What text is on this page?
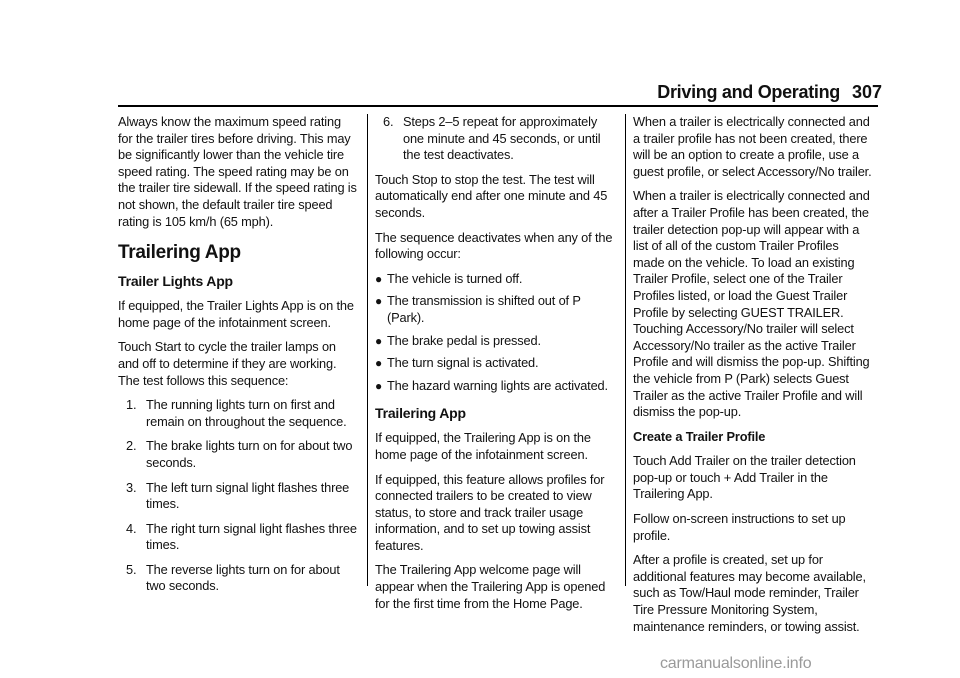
Driving and Operating 307

Always know the maximum speed rating for the trailer tires before driving. This may be significantly lower than the vehicle tire speed rating. The speed rating may be on the trailer tire sidewall. If the speed rating is not shown, the default trailer tire speed rating is 105 km/h (65 mph).

Trailering App
Trailer Lights App

If equipped, the Trailer Lights App is on the home page of the infotainment screen.

Touch Start to cycle the trailer lamps on and off to determine if they are working. The test follows this sequence:

1. The running lights turn on first and remain on throughout the sequence.
2. The brake lights turn on for about two seconds.
3. The left turn signal light flashes three times.
4. The right turn signal light flashes three times.
5. The reverse lights turn on for about two seconds.
6. Steps 2–5 repeat for approximately one minute and 45 seconds, or until the test deactivates.

Touch Stop to stop the test. The test will automatically end after one minute and 45 seconds.

The sequence deactivates when any of the following occur:

● The vehicle is turned off.
● The transmission is shifted out of P (Park).
● The brake pedal is pressed.
● The turn signal is activated.
● The hazard warning lights are activated.
Trailering App

If equipped, the Trailering App is on the home page of the infotainment screen.

If equipped, this feature allows profiles for connected trailers to be created to view status, to store and track trailer usage information, and to set up towing assist features.

The Trailering App welcome page will appear when the Trailering App is opened for the first time from the Home Page.

When a trailer is electrically connected and a trailer profile has not been created, there will be an option to create a profile, use a guest profile, or select Accessory/No trailer.

When a trailer is electrically connected and after a Trailer Profile has been created, the trailer detection pop-up will appear with a list of all of the custom Trailer Profiles made on the vehicle. To load an existing Trailer Profile, select one of the Trailer Profiles listed, or load the Guest Trailer Profile by selecting GUEST TRAILER. Touching Accessory/No trailer will select Accessory/No trailer as the active Trailer Profile and will dismiss the pop-up. Shifting the vehicle from P (Park) selects Guest Trailer as the active Trailer Profile and will dismiss the pop-up.

Create a Trailer Profile

Touch Add Trailer on the trailer detection pop-up or touch + Add Trailer in the Trailering App.

Follow on-screen instructions to set up profile.

After a profile is created, set up for additional features may become available, such as Tow/Haul mode reminder, Trailer Tire Pressure Monitoring System, maintenance reminders, or towing assist.

carmanualsonline.info
